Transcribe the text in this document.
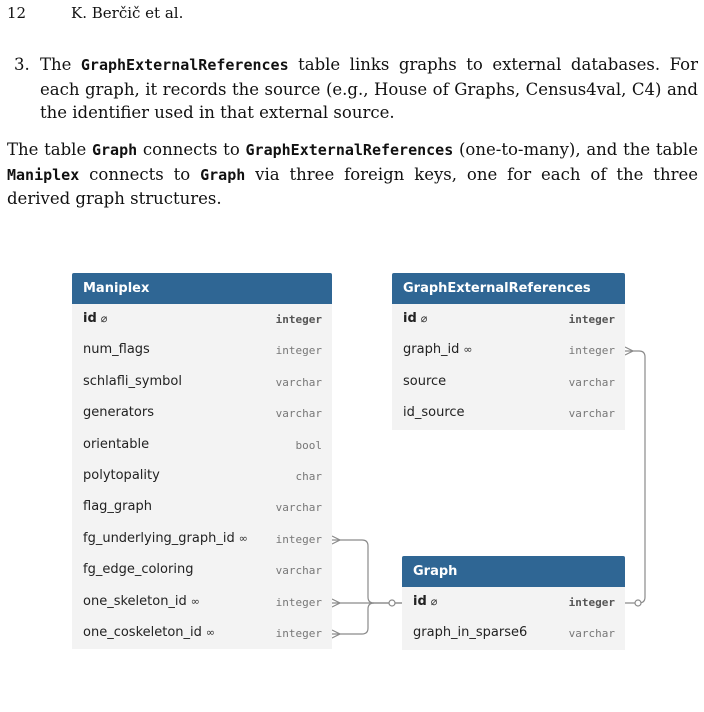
12	K. Berčič et al.
3. The GraphExternalReferences table links graphs to external databases. For each graph, it records the source (e.g., House of Graphs, Census4val, C4) and the identifier used in that external source.
The table Graph connects to GraphExternalReferences (one-to-many), and the table Maniplex connects to Graph via three foreign keys, one for each of the three derived graph structures.
Maniplex
id ⌀	integer
num_flags	integer
schlafli_symbol	varchar
generators	varchar
orientable	bool
polytopality	char
flag_graph	varchar
fg_underlying_graph_id ∞	integer
fg_edge_coloring	varchar
one_skeleton_id ∞	integer
one_coskeleton_id ∞	integer
GraphExternalReferences
id ⌀	integer
graph_id ∞	integer
source	varchar
id_source	varchar
Graph
id ⌀	integer
graph_in_sparse6	varchar
